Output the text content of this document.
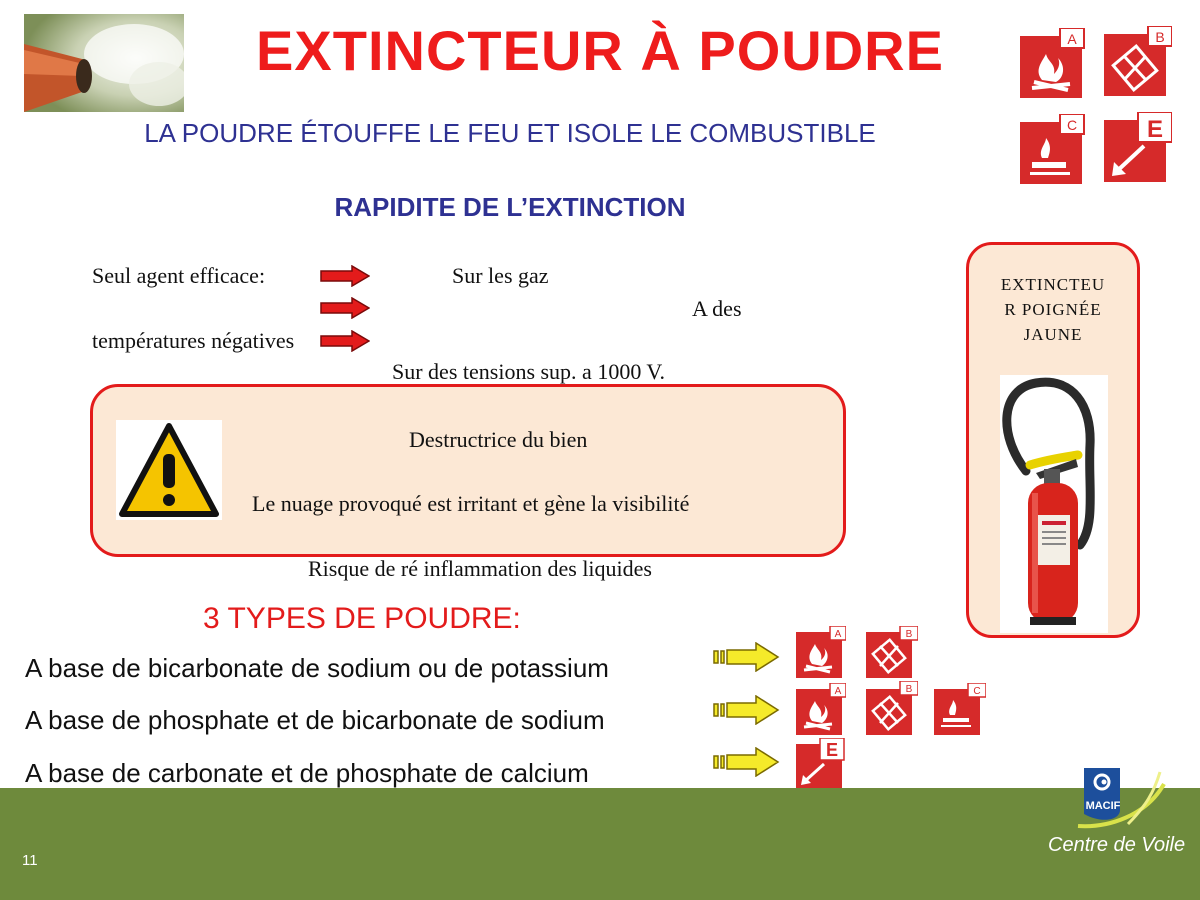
EXTINCTEUR À POUDRE
LA POUDRE ÉTOUFFE LE FEU ET ISOLE LE COMBUSTIBLE
RAPIDITE DE L’EXTINCTION
A	B
C	E
Seul agent efficace:	Sur les gaz
A des
températures négatives
Sur des tensions sup. a 1000 V.
Destructrice du bien
Le nuage provoqué est irritant et gène la visibilité
Risque de ré inflammation des liquides
EXTINCTEU
R POIGNÉE
JAUNE
3 TYPES DE POUDRE:
A base de bicarbonate de sodium ou de potassium
A base de phosphate et de bicarbonate de sodium
A base de carbonate et de phosphate de calcium
A	B
A	B	C
E
11
MACIF
Centre de Voile
